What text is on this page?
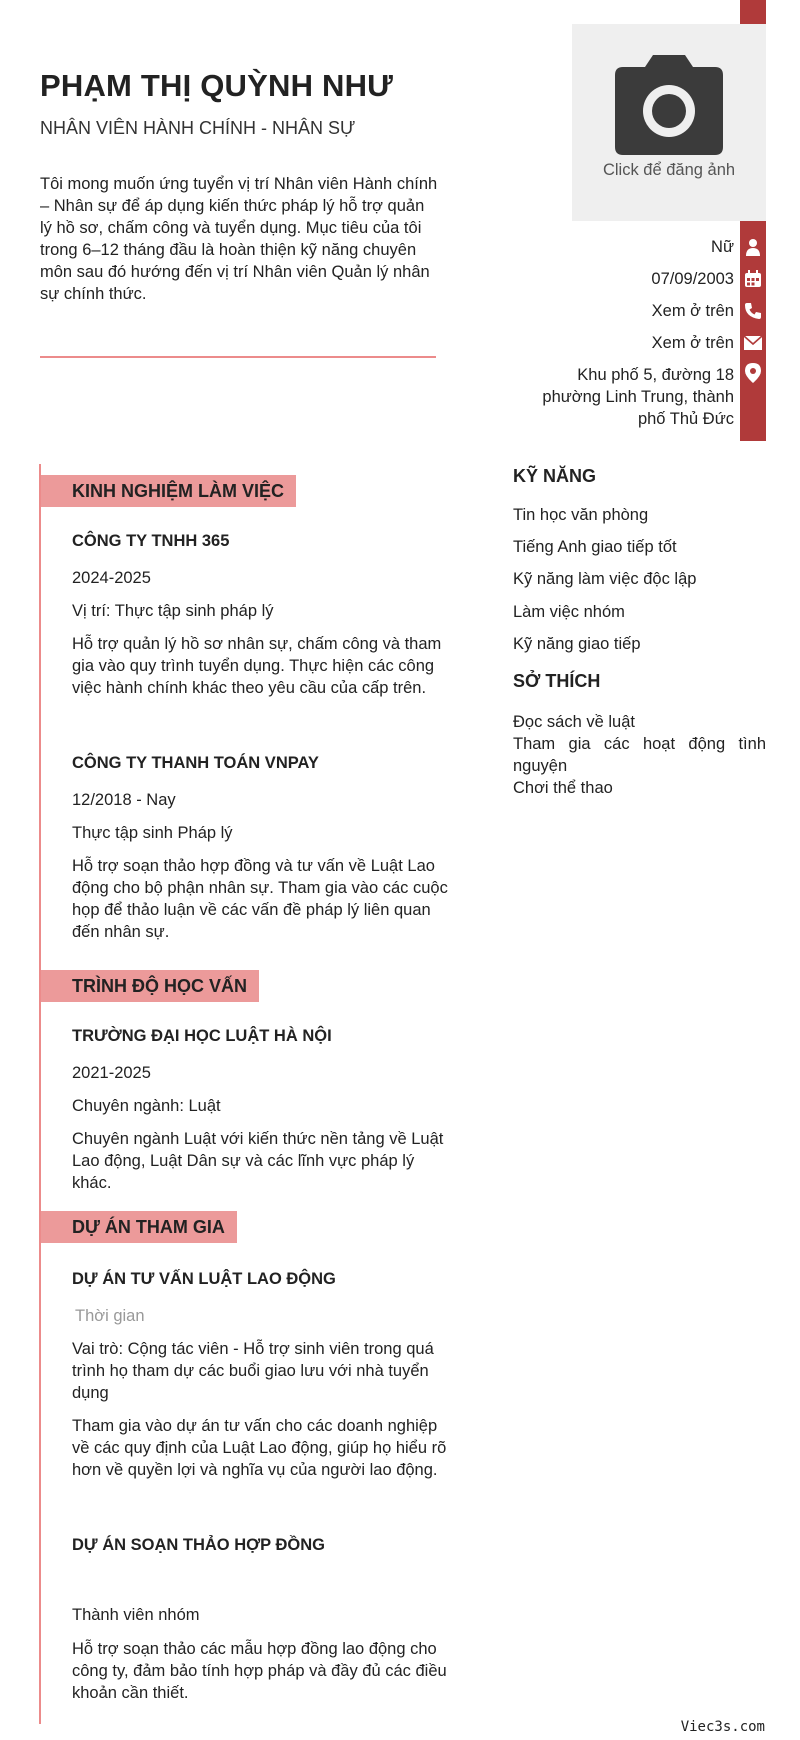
PHẠM THỊ QUỲNH NHƯ
NHÂN VIÊN HÀNH CHÍNH - NHÂN SỰ
Tôi mong muốn ứng tuyển vị trí Nhân viên Hành chính – Nhân sự để áp dụng kiến thức pháp lý hỗ trợ quản lý hồ sơ, chấm công và tuyển dụng. Mục tiêu của tôi trong 6–12 tháng đầu là hoàn thiện kỹ năng chuyên môn sau đó hướng đến vị trí Nhân viên Quản lý nhân sự chính thức.
Click để đăng ảnh
Nữ
07/09/2003
Xem ở trên
Xem ở trên
Khu phố 5, đường 18 phường Linh Trung, thành phố Thủ Đức
KINH NGHIỆM LÀM VIỆC
CÔNG TY TNHH 365
2024-2025
Vị trí: Thực tập sinh pháp lý
Hỗ trợ quản lý hồ sơ nhân sự, chấm công và tham gia vào quy trình tuyển dụng. Thực hiện các công việc hành chính khác theo yêu cầu của cấp trên.
CÔNG TY THANH TOÁN VNPAY
12/2018 - Nay
Thực tập sinh Pháp lý
Hỗ trợ soạn thảo hợp đồng và tư vấn về Luật Lao động cho bộ phận nhân sự. Tham gia vào các cuộc họp để thảo luận về các vấn đề pháp lý liên quan đến nhân sự.
TRÌNH ĐỘ HỌC VẤN
TRƯỜNG ĐẠI HỌC LUẬT HÀ NỘI
2021-2025
Chuyên ngành: Luật
Chuyên ngành Luật với kiến thức nền tảng về Luật Lao động, Luật Dân sự và các lĩnh vực pháp lý khác.
DỰ ÁN THAM GIA
DỰ ÁN TƯ VẤN LUẬT LAO ĐỘNG
Thời gian
Vai trò: Cộng tác viên - Hỗ trợ sinh viên trong quá trình họ tham dự các buổi giao lưu với nhà tuyển dụng
Tham gia vào dự án tư vấn cho các doanh nghiệp về các quy định của Luật Lao động, giúp họ hiểu rõ hơn về quyền lợi và nghĩa vụ của người lao động.
DỰ ÁN SOẠN THẢO HỢP ĐỒNG
Thành viên nhóm
Hỗ trợ soạn thảo các mẫu hợp đồng lao động cho công ty, đảm bảo tính hợp pháp và đầy đủ các điều khoản cần thiết.
KỸ NĂNG
Tin học văn phòng
Tiếng Anh giao tiếp tốt
Kỹ năng làm việc độc lập
Làm việc nhóm
Kỹ năng giao tiếp
SỞ THÍCH
Đọc sách về luật
Tham gia các hoạt động tình nguyện
Chơi thể thao
Viec3s.com
